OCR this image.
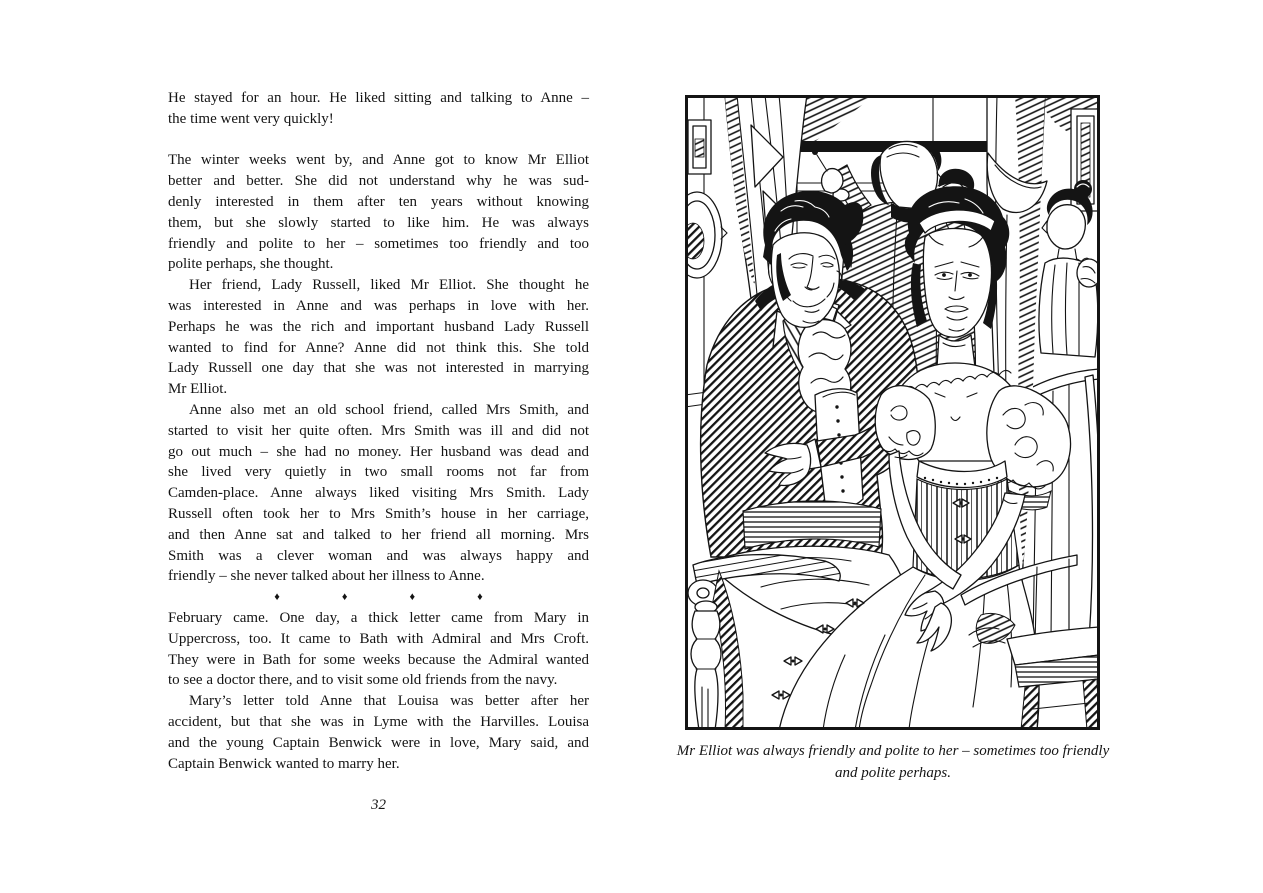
He stayed for an hour. He liked sitting and talking to Anne –
the time went very quickly!
The winter weeks went by, and Anne got to know Mr Elliot
better and better. She did not understand why he was sud-
denly interested in them after ten years without knowing
them, but she slowly started to like him. He was always
friendly and polite to her – sometimes too friendly and too
polite perhaps, she thought.
Her friend, Lady Russell, liked Mr Elliot. She thought he
was interested in Anne and was perhaps in love with her.
Perhaps he was the rich and important husband Lady Russell
wanted to find for Anne? Anne did not think this. She told
Lady Russell one day that she was not interested in marrying
Mr Elliot.
Anne also met an old school friend, called Mrs Smith, and
started to visit her quite often. Mrs Smith was ill and did not
go out much – she had no money. Her husband was dead and
she lived very quietly in two small rooms not far from
Camden-place. Anne always liked visiting Mrs Smith. Lady
Russell often took her to Mrs Smith’s house in her carriage,
and then Anne sat and talked to her friend all morning. Mrs
Smith was a clever woman and was always happy and
friendly – she never talked about her illness to Anne.
♦	♦	♦	♦
February came. One day, a thick letter came from Mary in
Uppercross, too. It came to Bath with Admiral and Mrs Croft.
They were in Bath for some weeks because the Admiral wanted
to see a doctor there, and to visit some old friends from the navy.
Mary’s letter told Anne that Louisa was better after her
accident, but that she was in Lyme with the Harvilles. Louisa
and the young Captain Benwick were in love, Mary said, and
Captain Benwick wanted to marry her.
32
Mr Elliot was always friendly and polite to her – sometimes too friendly
and polite perhaps.
